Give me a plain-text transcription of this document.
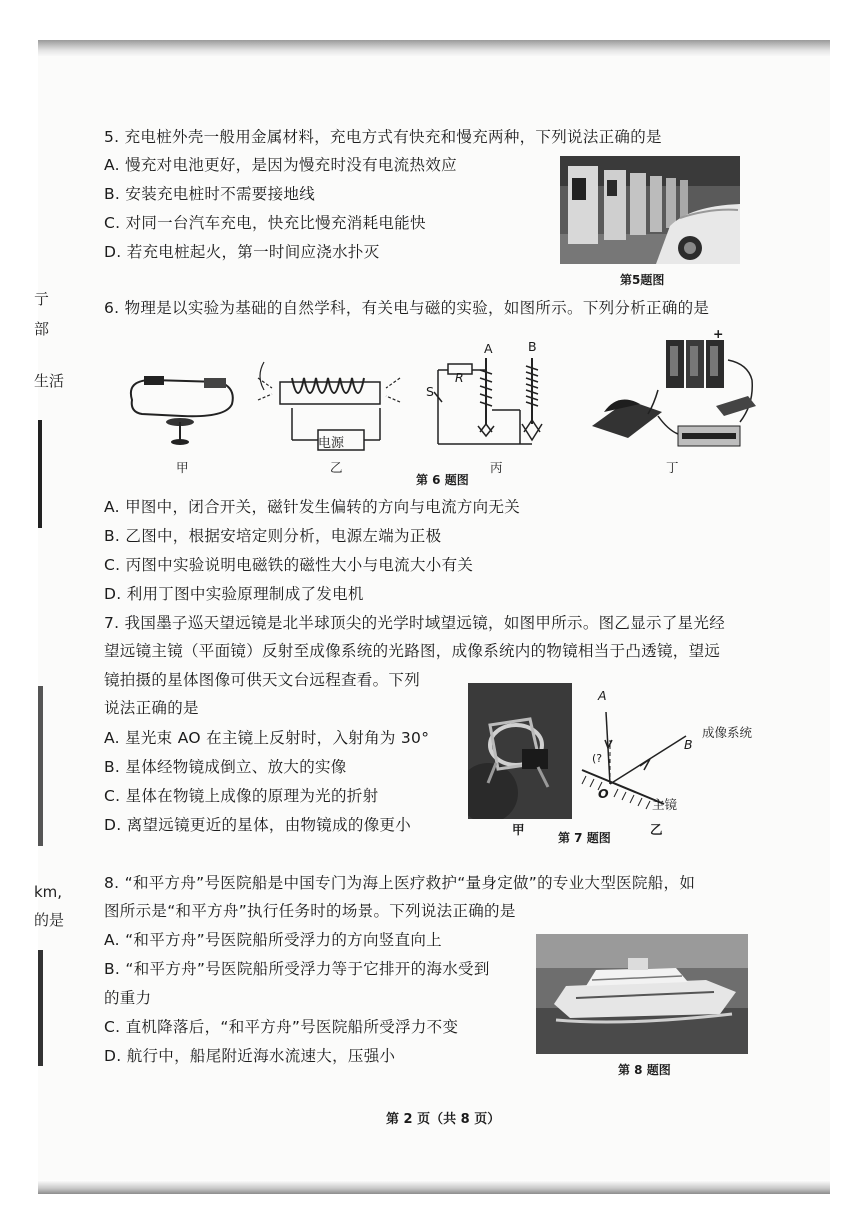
亍
部
生活
km,
的是
5. 充电桩外壳一般用金属材料，充电方式有快充和慢充两种，下列说法正确的是
A. 慢充对电池更好，是因为慢充时没有电流热效应
B. 安装充电桩时不需要接地线
C. 对同一台汽车充电，快充比慢充消耗电能快
D. 若充电桩起火，第一时间应浇水扑灭
第5题图
6. 物理是以实验为基础的自然学科，有关电与磁的实验，如图所示。下列分析正确的是
甲
电源
乙
S
R
A	B
丙
+
丁
第 6 题图
A. 甲图中，闭合开关，磁针发生偏转的方向与电流方向无关
B. 乙图中，根据安培定则分析，电源左端为正极
C. 丙图中实验说明电磁铁的磁性大小与电流大小有关
D. 利用丁图中实验原理制成了发电机
7. 我国墨子巡天望远镜是北半球顶尖的光学时域望远镜，如图甲所示。图乙显示了星光经
望远镜主镜（平面镜）反射至成像系统的光路图，成像系统内的物镜相当于凸透镜，望远
镜拍摄的星体图像可供天文台远程查看。下列
说法正确的是
A. 星光束 AO 在主镜上反射时，入射角为 30°
B. 星体经物镜成倒立、放大的实像
C. 星体在物镜上成像的原理为光的折射
D. 离望远镜更近的星体，由物镜成的像更小	甲
A
B
(?
O
成像系统
主镜
乙
第 7 题图
8. “和平方舟”号医院船是中国专门为海上医疗救护“量身定做”的专业大型医院船，如
图所示是“和平方舟”执行任务时的场景。下列说法正确的是
A. “和平方舟”号医院船所受浮力的方向竖直向上
B. “和平方舟”号医院船所受浮力等于它排开的海水受到
的重力
C. 直机降落后，“和平方舟”号医院船所受浮力不变
D. 航行中，船尾附近海水流速大，压强小
第 8 题图
第 2 页（共 8 页）
